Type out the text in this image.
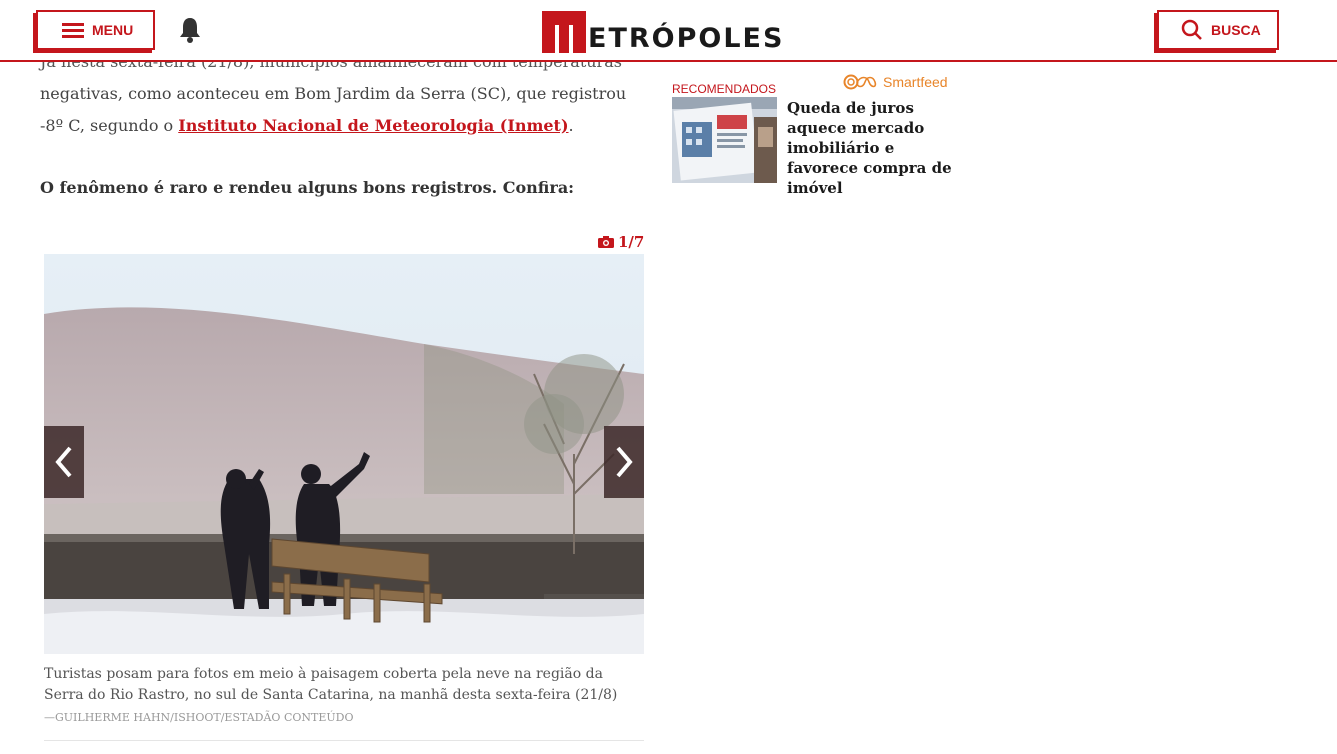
MENU	ETRÓPOLES	BUSCA
negativas, como aconteceu em Bom Jardim da Serra (SC), que registrou -8º C, segundo o Instituto Nacional de Meteorologia (Inmet).
O fenômeno é raro e rendeu alguns bons registros. Confira:
1/7
Turistas posam para fotos em meio à paisagem coberta pela neve na região da Serra do Rio Rastro, no sul de Santa Catarina, na manhã desta sexta-feira (21/8)
—GUILHERME HAHN/ISHOOT/ESTADÃO CONTEÚDO
RECOMENDADOS	Smartfeed
Queda de juros aquece mercado imobiliário e favorece compra de imóvel
